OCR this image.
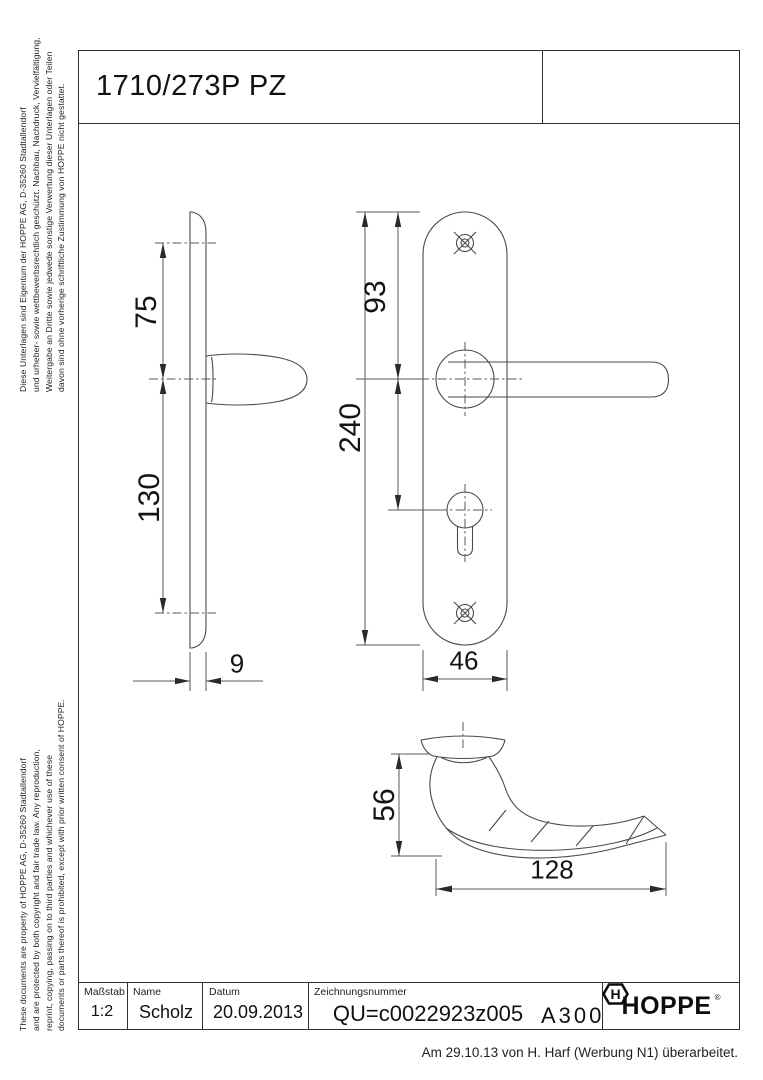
Diese Unterlagen sind Eigentum der HOPPE AG, D-35260 Stadtallendorf und urheber- sowie wettbewerbsrechtlich geschützt. Nachbau, Nachdruck, Vervielfältigung, Weitergabe an Dritte sowie jedwede sonstige Verwertung dieser Unterlagen oder Teilen davon sind ohne vorherige schriftliche Zustimmung von HOPPE nicht gestattet.
These documents are property of HOPPE AG, D-35260 Stadtallendorf and are protected by both copyright and fair trade law. Any reproduction, reprint, copying, passing on to third parties and whichever use of these documents or parts thereof is prohibited, except with prior written consent of HOPPE.
1710/273P PZ
75
130
9
93
240
46
56
128
Maßstab
1:2
Name
Scholz
Datum
20.09.2013
Zeichnungsnummer
QU=c0022923z005 A300 HOPPE ®
H
Am 29.10.13 von H. Harf (Werbung N1) überarbeitet.
